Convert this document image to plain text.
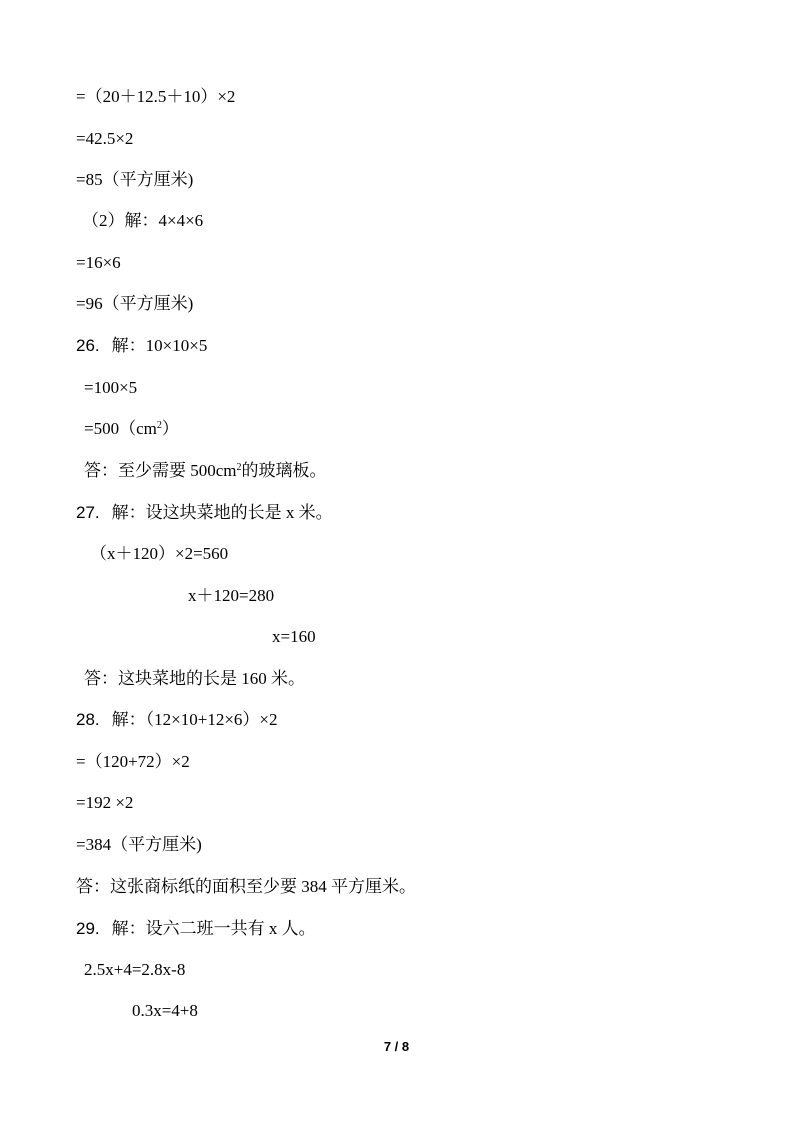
=（20＋12.5＋10）×2
=42.5×2
=85（平方厘米)
（2）解：4×4×6
=16×6
=96（平方厘米)
26. 解：10×10×5
=100×5
$=500(cm^2)$
答：至少需要 $500cm^2$的玻璃板。
27. 解：设这块菜地的长是 x 米。
（x＋120）×2=560
x＋120=280
x=160
答：这块菜地的长是 160 米。
28. 解：（12×10+12×6）×2
=（120+72）×2
=192 ×2
=384（平方厘米)
答：这张商标纸的面积至少要 384 平方厘米。
29. 解：设六二班一共有 x 人。
2.5x+4=2.8x-8
0.3x=4+8
7 / 8
